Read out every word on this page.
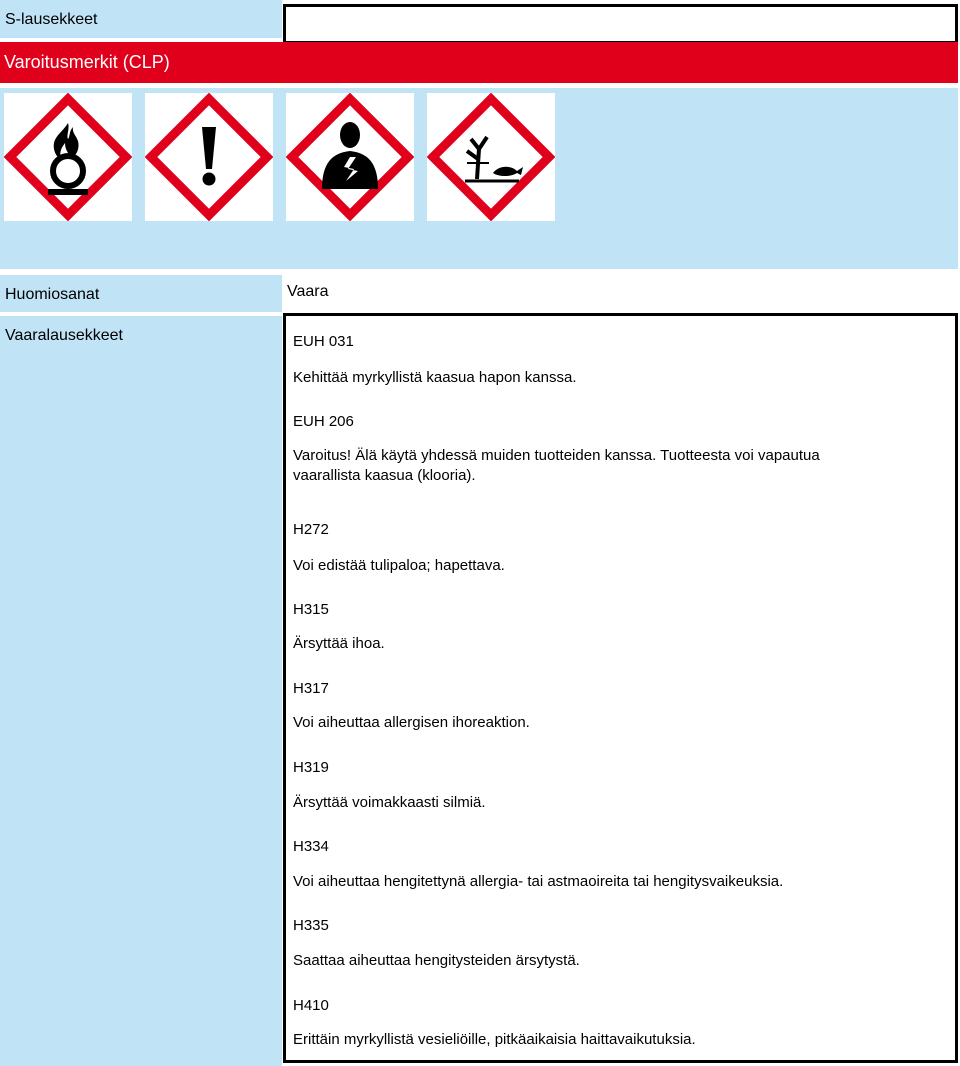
S-lausekkeet
Varoitusmerkit (CLP)
Huomiosanat	Vaara
Vaaralausekkeet	EUH 031
Kehittää myrkyllistä kaasua hapon kanssa.
EUH 206
Varoitus! Älä käytä yhdessä muiden tuotteiden kanssa. Tuotteesta voi vapautua vaarallista kaasua (klooria).
H272
Voi edistää tulipaloa; hapettava.
H315
Ärsyttää ihoa.
H317
Voi aiheuttaa allergisen ihoreaktion.
H319
Ärsyttää voimakkaasti silmiä.
H334
Voi aiheuttaa hengitettynä allergia- tai astmaoireita tai hengitysvaikeuksia.
H335
Saattaa aiheuttaa hengitysteiden ärsytystä.
H410
Erittäin myrkyllistä vesieliöille, pitkäaikaisia haittavaikutuksia.
